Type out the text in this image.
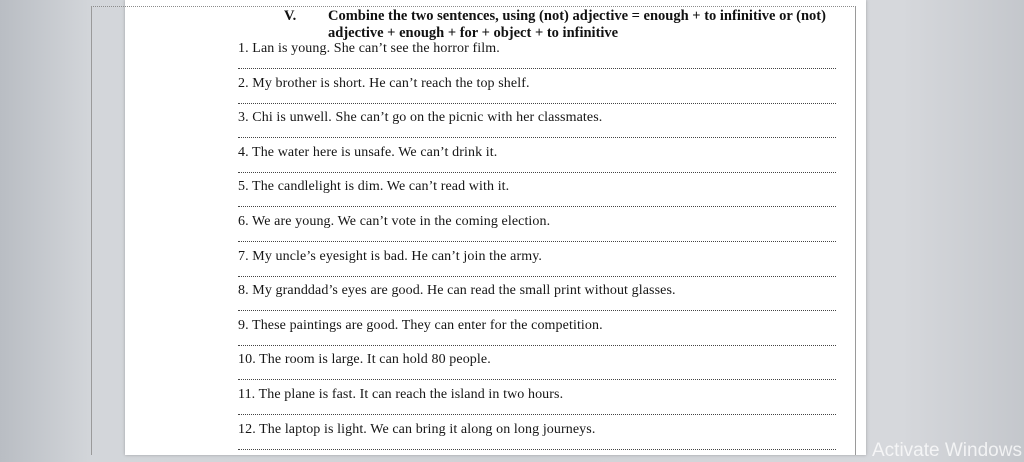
V. Combine the two sentences, using (not) adjective = enough + to infinitive or (not)
adjective + enough + for + object + to infinitive
1. Lan is young. She can’t see the horror film.
2. My brother is short. He can’t reach the top shelf.
3. Chi is unwell. She can’t go on the picnic with her classmates.
4. The water here is unsafe. We can’t drink it.
5. The candlelight is dim. We can’t read with it.
6. We are young. We can’t vote in the coming election.
7. My uncle’s eyesight is bad. He can’t join the army.
8. My granddad’s eyes are good. He can read the small print without glasses.
9. These paintings are good. They can enter for the competition.
10. The room is large. It can hold 80 people.
11. The plane is fast. It can reach the island in two hours.
12. The laptop is light. We can bring it along on long journeys.
Activate Windows
